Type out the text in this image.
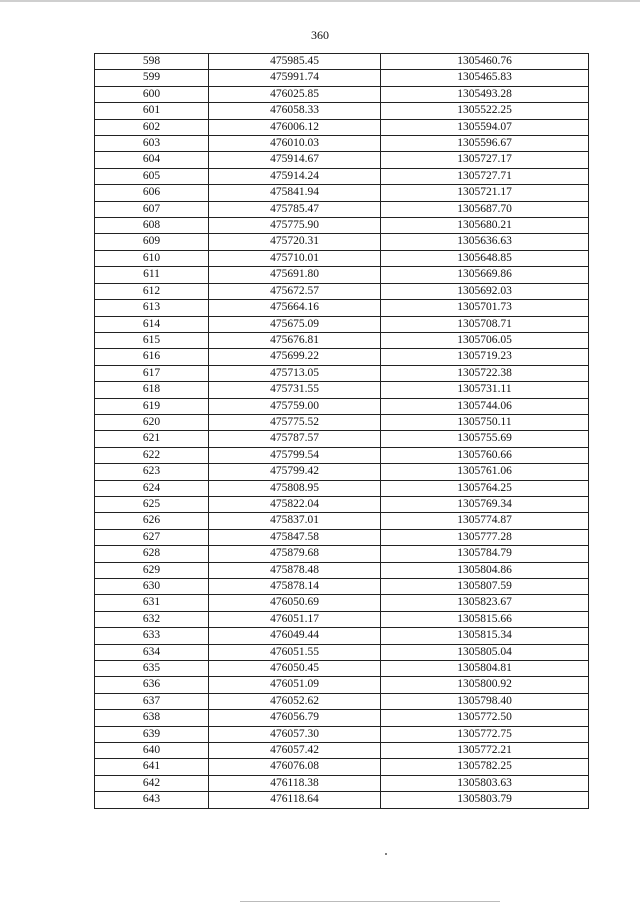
360
598	475985.45	1305460.76
599	475991.74	1305465.83
600	476025.85	1305493.28
601	476058.33	1305522.25
602	476006.12	1305594.07
603	476010.03	1305596.67
604	475914.67	1305727.17
605	475914.24	1305727.71
606	475841.94	1305721.17
607	475785.47	1305687.70
608	475775.90	1305680.21
609	475720.31	1305636.63
610	475710.01	1305648.85
611	475691.80	1305669.86
612	475672.57	1305692.03
613	475664.16	1305701.73
614	475675.09	1305708.71
615	475676.81	1305706.05
616	475699.22	1305719.23
617	475713.05	1305722.38
618	475731.55	1305731.11
619	475759.00	1305744.06
620	475775.52	1305750.11
621	475787.57	1305755.69
622	475799.54	1305760.66
623	475799.42	1305761.06
624	475808.95	1305764.25
625	475822.04	1305769.34
626	475837.01	1305774.87
627	475847.58	1305777.28
628	475879.68	1305784.79
629	475878.48	1305804.86
630	475878.14	1305807.59
631	476050.69	1305823.67
632	476051.17	1305815.66
633	476049.44	1305815.34
634	476051.55	1305805.04
635	476050.45	1305804.81
636	476051.09	1305800.92
637	476052.62	1305798.40
638	476056.79	1305772.50
639	476057.30	1305772.75
640	476057.42	1305772.21
641	476076.08	1305782.25
642	476118.38	1305803.63
643	476118.64	1305803.79
